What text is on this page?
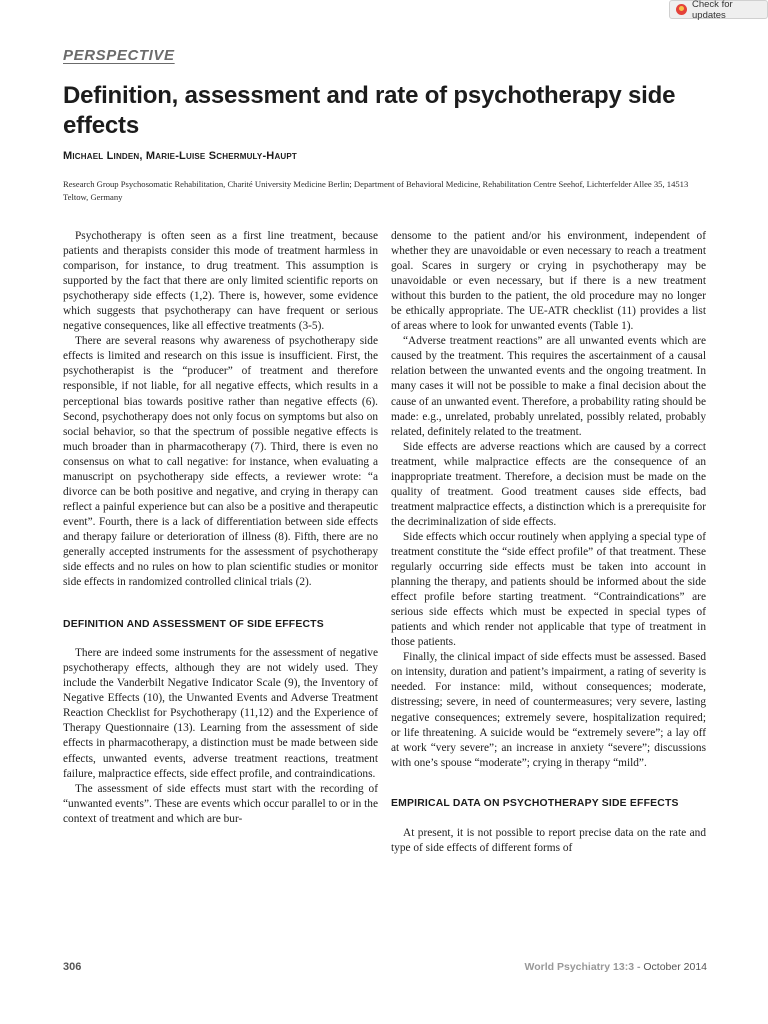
Check for updates
PERSPECTIVE
Definition, assessment and rate of psychotherapy side effects
Michael Linden, Marie-Luise Schermuly-Haupt
Research Group Psychosomatic Rehabilitation, Charité University Medicine Berlin; Department of Behavioral Medicine, Rehabilitation Centre Seehof, Lichterfelder Allee 35, 14513 Teltow, Germany

Psychotherapy is often seen as a first line treatment, because patients and therapists consider this mode of treatment harmless in comparison, for instance, to drug treatment. This assumption is supported by the fact that there are only limited scientific reports on psychotherapy side effects (1,2). There is, however, some evidence which suggests that psychotherapy can have frequent or serious negative consequences, like all effective treatments (3-5).

There are several reasons why awareness of psychotherapy side effects is limited and research on this issue is insufficient. First, the psychotherapist is the “producer” of treatment and therefore responsible, if not liable, for all negative effects, which results in a perceptional bias towards positive rather than negative effects (6). Second, psychotherapy does not only focus on symptoms but also on social behavior, so that the spectrum of possible negative effects is much broader than in pharmacotherapy (7). Third, there is even no consensus on what to call negative: for instance, when evaluating a manuscript on psychotherapy side effects, a reviewer wrote: “a divorce can be both positive and negative, and crying in therapy can reflect a painful experience but can also be a positive and therapeutic event”. Fourth, there is a lack of differentiation between side effects and therapy failure or deterioration of illness (8). Fifth, there are no generally accepted instruments for the assessment of psychotherapy side effects and no rules on how to plan scientific studies or monitor side effects in randomized controlled clinical trials (2).

DEFINITION AND ASSESSMENT OF SIDE EFFECTS

There are indeed some instruments for the assessment of negative psychotherapy effects, although they are not widely used. They include the Vanderbilt Negative Indicator Scale (9), the Inventory of Negative Effects (10), the Unwanted Events and Adverse Treatment Reaction Checklist for Psychotherapy (11,12) and the Experience of Therapy Questionnaire (13). Learning from the assessment of side effects in pharmacotherapy, a distinction must be made between side effects, unwanted events, adverse treatment reactions, treatment failure, malpractice effects, side effect profile, and contraindications.

The assessment of side effects must start with the recording of “unwanted events”. These are events which occur parallel to or in the context of treatment and which are bur-

densome to the patient and/or his environment, independent of whether they are unavoidable or even necessary to reach a treatment goal. Scares in surgery or crying in psychotherapy may be unavoidable or even necessary, but if there is a new treatment without this burden to the patient, the old procedure may no longer be ethically appropriate. The UE-ATR checklist (11) provides a list of areas where to look for unwanted events (Table 1).

“Adverse treatment reactions” are all unwanted events which are caused by the treatment. This requires the ascertainment of a causal relation between the unwanted events and the ongoing treatment. In many cases it will not be possible to make a final decision about the cause of an unwanted event. Therefore, a probability rating should be made: e.g., unrelated, probably unrelated, possibly related, probably related, definitely related to the treatment.

Side effects are adverse reactions which are caused by a correct treatment, while malpractice effects are the consequence of an inappropriate treatment. Therefore, a decision must be made on the quality of treatment. Good treatment causes side effects, bad treatment malpractice effects, a distinction which is a prerequisite for the decriminalization of side effects.

Side effects which occur routinely when applying a special type of treatment constitute the “side effect profile” of that treatment. These regularly occurring side effects must be taken into account in planning the therapy, and patients should be informed about the side effect profile before starting treatment. “Contraindications” are serious side effects which must be expected in special types of patients and which render not applicable that type of treatment in those patients.

Finally, the clinical impact of side effects must be assessed. Based on intensity, duration and patient’s impairment, a rating of severity is needed. For instance: mild, without consequences; moderate, distressing; severe, in need of countermeasures; very severe, lasting negative consequences; extremely severe, hospitalization required; or life threatening. A suicide would be “extremely severe”; a lay off at work “very severe”; an increase in anxiety “severe”; discussions with one’s spouse “moderate”; crying in therapy “mild”.

EMPIRICAL DATA ON PSYCHOTHERAPY SIDE EFFECTS

At present, it is not possible to report precise data on the rate and type of side effects of different forms of

306	World Psychiatry 13:3 - October 2014
